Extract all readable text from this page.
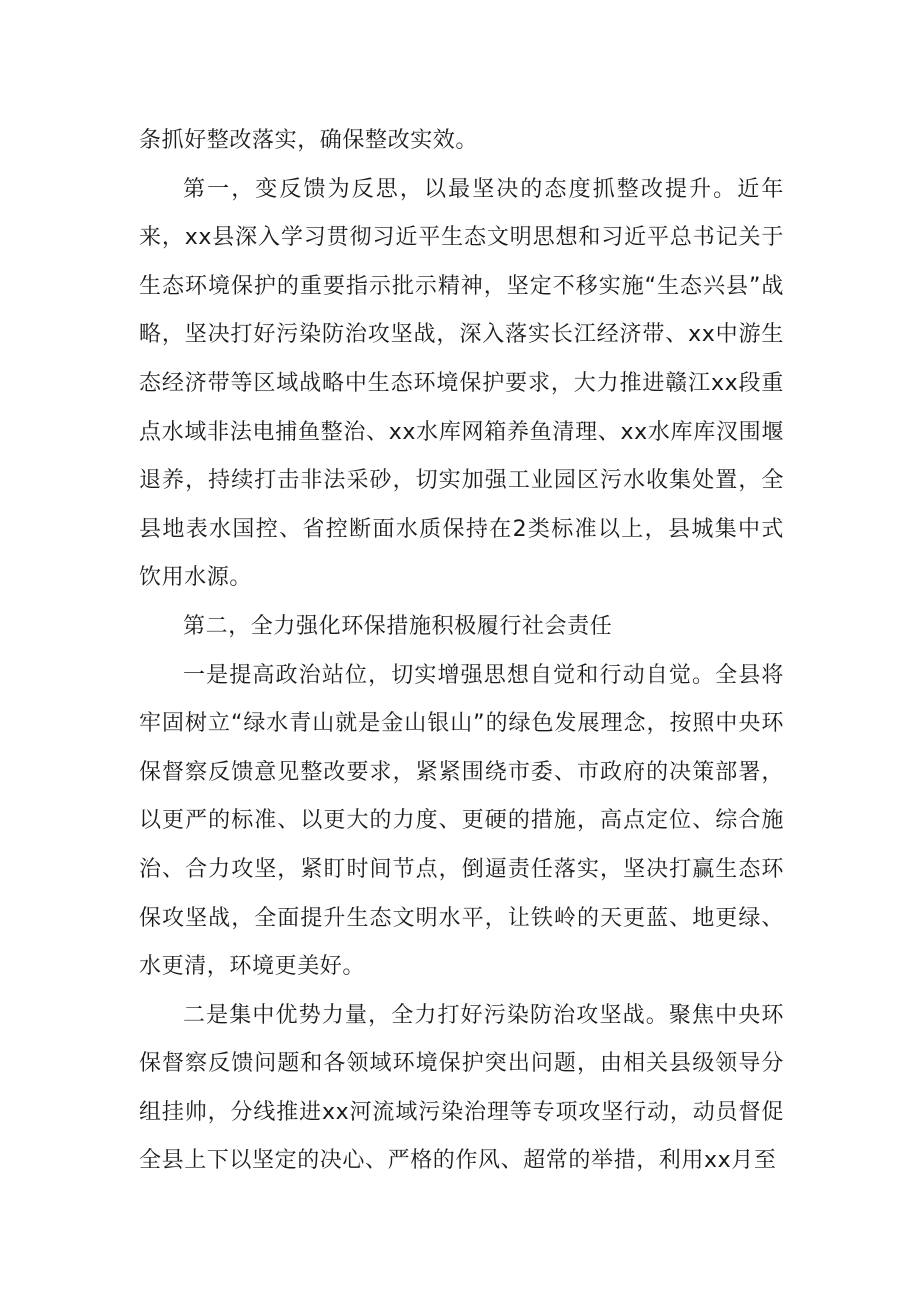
条抓好整改落实，确保整改实效。

第一，变反馈为反思，以最坚决的态度抓整改提升。近年来，xx县深入学习贯彻习近平生态文明思想和习近平总书记关于生态环境保护的重要指示批示精神，坚定不移实施“生态兴县”战略，坚决打好污染防治攻坚战，深入落实长江经济带、xx中游生态经济带等区域战略中生态环境保护要求，大力推进赣江xx段重点水域非法电捕鱼整治、xx水库网箱养鱼清理、xx水库库汊围堰退养，持续打击非法采砂，切实加强工业园区污水收集处置，全县地表水国控、省控断面水质保持在2类标准以上，县城集中式饮用水源。

第二，全力强化环保措施积极履行社会责任

一是提高政治站位，切实增强思想自觉和行动自觉。全县将牢固树立“绿水青山就是金山银山”的绿色发展理念，按照中央环保督察反馈意见整改要求，紧紧围绕市委、市政府的决策部署，以更严的标准、以更大的力度、更硬的措施，高点定位、综合施治、合力攻坚，紧盯时间节点，倒逼责任落实，坚决打赢生态环保攻坚战，全面提升生态文明水平，让铁岭的天更蓝、地更绿、水更清，环境更美好。

二是集中优势力量，全力打好污染防治攻坚战。聚焦中央环保督察反馈问题和各领域环境保护突出问题，由相关县级领导分组挂帅，分线推进xx河流域污染治理等专项攻坚行动，动员督促全县上下以坚定的决心、严格的作风、超常的举措，利用xx月至
